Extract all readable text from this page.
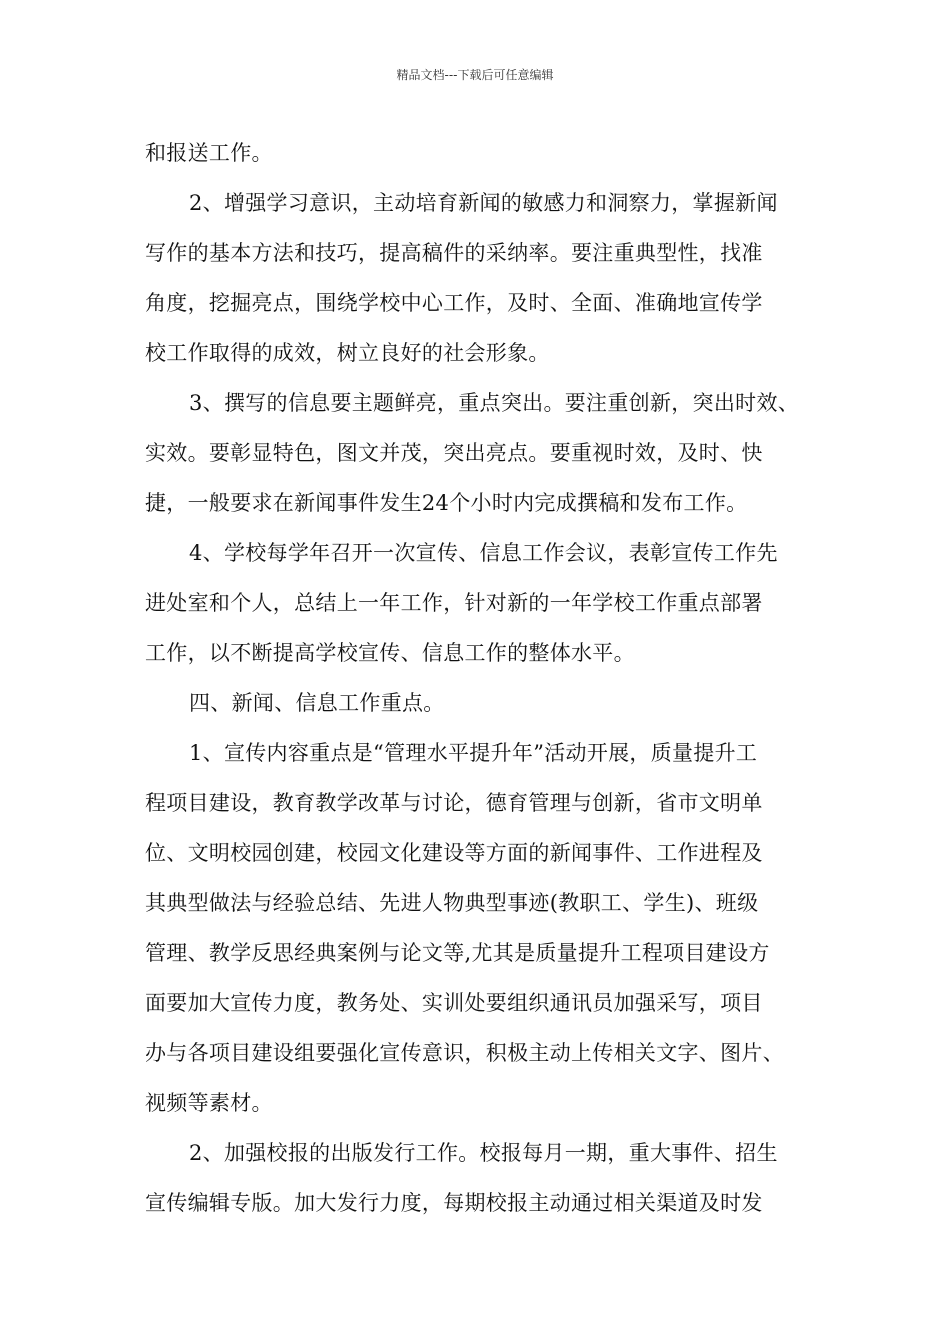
精品文档---下载后可任意编辑
和报送工作。
2、增强学习意识，主动培育新闻的敏感力和洞察力，掌握新闻
写作的基本方法和技巧，提高稿件的采纳率。要注重典型性，找准
角度，挖掘亮点，围绕学校中心工作，及时、全面、准确地宣传学
校工作取得的成效，树立良好的社会形象。
3、撰写的信息要主题鲜亮，重点突出。要注重创新，突出时效、
实效。要彰显特色，图文并茂，突出亮点。要重视时效，及时、快
捷，一般要求在新闻事件发生24个小时内完成撰稿和发布工作。
4、学校每学年召开一次宣传、信息工作会议，表彰宣传工作先
进处室和个人，总结上一年工作，针对新的一年学校工作重点部署
工作，以不断提高学校宣传、信息工作的整体水平。
四、新闻、信息工作重点。
1、宣传内容重点是“管理水平提升年”活动开展，质量提升工
程项目建设，教育教学改革与讨论，德育管理与创新，省市文明单
位、文明校园创建，校园文化建设等方面的新闻事件、工作进程及
其典型做法与经验总结、先进人物典型事迹(教职工、学生)、班级
管理、教学反思经典案例与论文等,尤其是质量提升工程项目建设方
面要加大宣传力度，教务处、实训处要组织通讯员加强采写，项目
办与各项目建设组要强化宣传意识，积极主动上传相关文字、图片、
视频等素材。
2、加强校报的出版发行工作。校报每月一期，重大事件、招生
宣传编辑专版。加大发行力度，每期校报主动通过相关渠道及时发
